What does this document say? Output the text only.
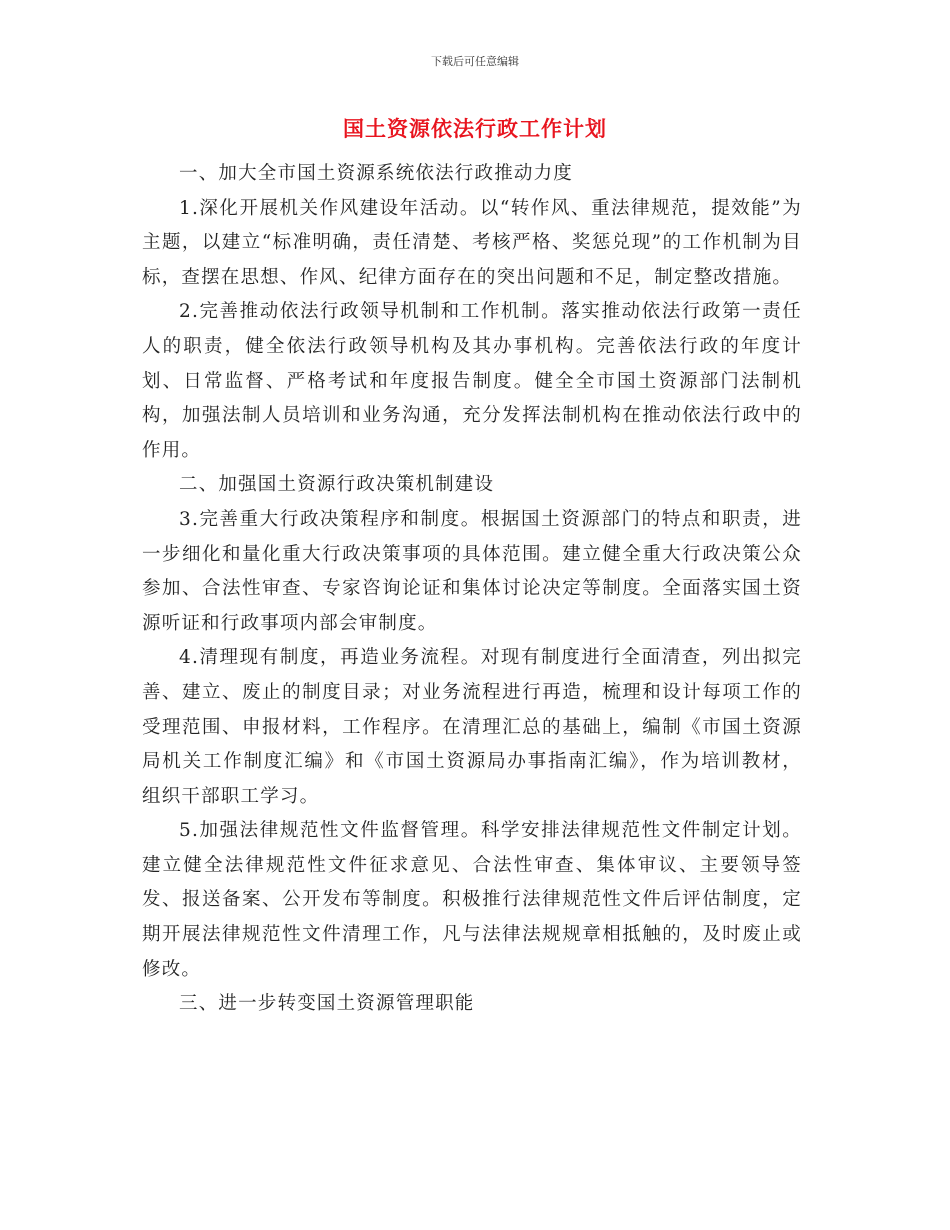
下载后可任意编辑
国土资源依法行政工作计划

一、加大全市国土资源系统依法行政推动力度

1.深化开展机关作风建设年活动。以“转作风、重法律规范，提效能”为主题，以建立“标准明确，责任清楚、考核严格、奖惩兑现”的工作机制为目标，查摆在思想、作风、纪律方面存在的突出问题和不足，制定整改措施。

2.完善推动依法行政领导机制和工作机制。落实推动依法行政第一责任人的职责，健全依法行政领导机构及其办事机构。完善依法行政的年度计划、日常监督、严格考试和年度报告制度。健全全市国土资源部门法制机构，加强法制人员培训和业务沟通，充分发挥法制机构在推动依法行政中的作用。

二、加强国土资源行政决策机制建设

3.完善重大行政决策程序和制度。根据国土资源部门的特点和职责，进一步细化和量化重大行政决策事项的具体范围。建立健全重大行政决策公众参加、合法性审查、专家咨询论证和集体讨论决定等制度。全面落实国土资源听证和行政事项内部会审制度。

4.清理现有制度，再造业务流程。对现有制度进行全面清查，列出拟完善、建立、废止的制度目录；对业务流程进行再造，梳理和设计每项工作的受理范围、申报材料，工作程序。在清理汇总的基础上，编制《市国土资源局机关工作制度汇编》和《市国土资源局办事指南汇编》，作为培训教材，组织干部职工学习。

5.加强法律规范性文件监督管理。科学安排法律规范性文件制定计划。建立健全法律规范性文件征求意见、合法性审查、集体审议、主要领导签发、报送备案、公开发布等制度。积极推行法律规范性文件后评估制度，定期开展法律规范性文件清理工作，凡与法律法规规章相抵触的，及时废止或修改。

三、进一步转变国土资源管理职能
